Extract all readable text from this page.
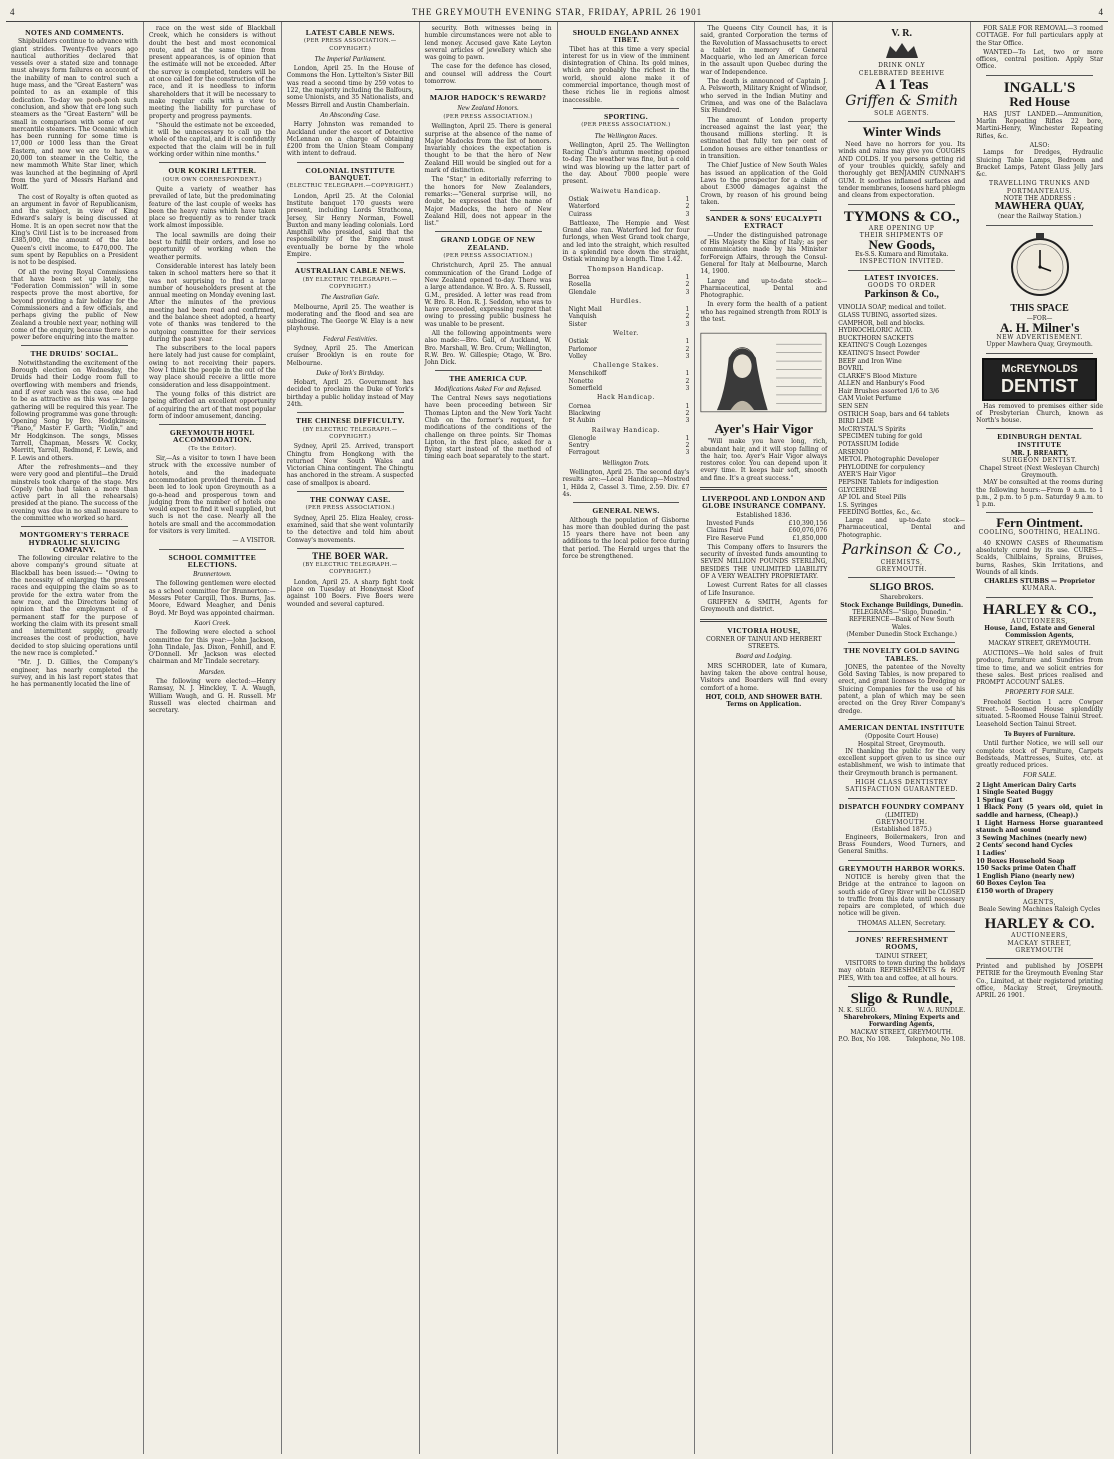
4	THE GREYMOUTH EVENING STAR, FRIDAY, APRIL 26 1901	4
NOTES AND COMMENTS.

Shipbuilders continue to advance with giant strides. Twenty-five years ago nautical authorities declared that vessels over a stated size and tonnage must always form failures on account of the inability of man to control such a huge mass, and the "Great Eastern" was pointed to as an example of this dedication. To-day we pooh-pooh such conclusion, and show that ere long such steamers as the "Great Eastern" will be small in comparison with some of our mercantile steamers. The Oceanic which has been running for some time is 17,000 or 1000 less than the Great Eastern, and now we are to have a 20,000 ton steamer in the Celtic, the new mammoth White Star liner, which was launched at the beginning of April from the yard of Messrs Harland and Wolff.

The cost of Royalty is often quoted as an argument in favor of Republicanism, and the subject, in view of King Edward's salary is being discussed at Home. It is an open secret now that the King's Civil List is to be increased from £385,000, the amount of the late Queen's civil income, to £470,000. The sum spent by Republics on a President is not to be despised.

Of all the roving Royal Commissions that have been set up lately, the "Federation Commission" will in some respects prove the most abortive, for beyond providing a fair holiday for the Commissioners and a few officials, and perhaps giving the public of New Zealand a trouble next year, nothing will come of the enquiry, because there is no power before enquiring into the matter.

THE DRUIDS' SOCIAL.

Notwithstanding the excitement of the Borough election on Wednesday, the Druids had their Lodge room full to overflowing with members and friends, and if ever such was the case, one had to be as attractive as this was — large gathering will be required this year. The following programme was gone through: Opening Song by Bro. Hodgkinson; "Piano," Master F. Garth; "Violin," and Mr Hodgkinson. The songs, Misses Tarrell, Chapman, Messrs W. Cocky, Merritt, Yarrell, Redmond, F. Lewis, and F. Lewis and others.

After the refreshments—and they were very good and plentiful—the Druid minstrels took charge of the stage. Mrs Copely (who had taken a more than active part in all the rehearsals) presided at the piano. The success of the evening was due in no small measure to the committee who worked so hard.

MONTGOMERY'S TERRACE HYDRAULIC SLUICING COMPANY.

The following circular relative to the above company's ground situate at Blackball has been issued:— "Owing to the necessity of enlarging the present races and equipping the claim so as to provide for the extra water from the new race, and the Directors being of opinion that the employment of a permanent staff for the purpose of working the claim with its present small and intermittent supply, greatly increases the cost of production, have decided to stop sluicing operations until the new race is completed."

"Mr. J. D. Gillies, the Company's engineer, has nearly completed the survey, and in his last report states that he has permanently located the line of

race on the west side of Blackball Creek, which he considers is without doubt the best and most economical route, and at the same time from present appearances, is of opinion that the estimate will not be exceeded. After the survey is completed, tenders will be at once called for the construction of the race, and it is needless to inform shareholders that it will be necessary to make regular calls with a view to meeting the liability for purchase of property and progress payments.

"Should the estimate not be exceeded, it will be unnecessary to call up the whole of the capital, and it is confidently expected that the claim will be in full working order within nine months."

OUR KOKIRI LETTER.
(OUR OWN CORRESPONDENT.)

Quite a variety of weather has prevailed of late, but the predominating feature of the last couple of weeks has been the heavy rains which have taken place so frequently as to render track work almost impossible.

The local sawmills are doing their best to fulfill their orders, and lose no opportunity of working when the weather permits.

Considerable interest has lately been taken in school matters here so that it was not surprising to find a large number of householders present at the annual meeting on Monday evening last. After the minutes of the previous meeting had been read and confirmed, and the balance sheet adopted, a hearty vote of thanks was tendered to the outgoing committee for their services during the past year.

The subscribers to the local papers here lately had just cause for complaint, owing to not receiving their papers. Now I think the people in the out of the way place should receive a little more consideration and less disappointment.

The young folks of this district are being afforded an excellent opportunity of acquiring the art of that most popular form of indoor amusement, dancing.

GREYMOUTH HOTEL ACCOMMODATION.
(To the Editor).

Sir,—As a visitor to town I have been struck with the excessive number of hotels, and the inadequate accommodation provided therein. I had been led to look upon Greymouth as a go-a-head and prosperous town and judging from the number of hotels one would expect to find it well supplied, but such is not the case. Nearly all the hotels are small and the accommodation for visitors is very limited.

— A VISITOR.

SCHOOL COMMITTEE ELECTIONS.
Brunnertown.

The following gentlemen were elected as a school committee for Brunnerton:—Messrs Peter Cargill, Thos. Burns, Jas. Moore, Edward Meagher, and Denis Boyd. Mr Boyd was appointed chairman.

Kaori Creek.

The following were elected a school committee for this year:—John Jackson, John Tindale, Jas. Dixon, Fenhill, and F. O'Donnell. Mr Jackson was elected chairman and Mr Tindale secretary.

Marsden.

The following were elected:—Henry Ramsay, N. J. Hinckley, T. A. Waugh, William Waugh, and G. H. Russell. Mr Russell was elected chairman and secretary.

LATEST CABLE NEWS.
(PER PRESS ASSOCIATION.—COPYRIGHT.)
The Imperial Parliament.

London, April 25. In the House of Commons the Hon. Lyttelton's Sister Bill was read a second time by 259 votes to 122, the majority including the Balfours, some Unionists, and 35 Nationalists, and Messrs Birrell and Austin Chamberlain.

An Absconding Case.

Harry Johnston was remanded to Auckland under the escort of Detective McLennan on a charge of obtaining £200 from the Union Steam Company with intent to defraud.

COLONIAL INSTITUTE BANQUET.
(ELECTRIC TELEGRAPH.—COPYRIGHT.)

London, April 25. At the Colonial Institute banquet 170 guests were present, including Lords Strathcona, Jersey, Sir Henry Norman, Fowell Buxton and many leading colonials. Lord Ampthill who presided, said that the responsibility of the Empire must eventually be borne by the whole Empire.

AUSTRALIAN CABLE NEWS.
(BY ELECTRIC TELEGRAPH.—COPYRIGHT.)
The Australian Gale.

Melbourne, April 25. The weather is moderating and the flood and sea are subsiding. The George W. Elay is a new playhouse.

Federal Festivities.

Sydney, April 25. The American cruiser Brooklyn is en route for Melbourne.

Duke of York's Birthday.

Hobart, April 25. Government has decided to proclaim the Duke of York's birthday a public holiday instead of May 24th.

THE CHINESE DIFFICULTY.
(BY ELECTRIC TELEGRAPH.—COPYRIGHT.)

Sydney, April 25. Arrived, transport Chingtu from Hongkong with the returned New South Wales and Victorian China contingent. The Chingtu has anchored in the stream. A suspected case of smallpox is aboard.

THE CONWAY CASE.
(PER PRESS ASSOCIATION.)

Sydney, April 25. Eliza Healey, cross-examined, said that she went voluntarily to the detective and told him about Conway's movements.

THE BOER WAR.
(BY ELECTRIC TELEGRAPH.—COPYRIGHT.)

London, April 25. A sharp fight took place on Tuesday at Honeynest Kloof against 100 Boers. Five Boers were wounded and several captured.

security. Both witnesses being in humble circumstances were not able to lend money. Accused gave Kate Leyton several articles of jewellery which she was going to pawn.

The case for the defence has closed, and counsel will address the Court tomorrow.

MAJOR HADOCK'S REWARD?
New Zealand Honors.
(PER PRESS ASSOCIATION.)

Wellington, April 25. There is general surprise at the absence of the name of Major Madocks from the list of honors. Invariably choices the expectation is thought to be that the hero of New Zealand Hill would be singled out for a mark of distinction.

The "Star," in editorially referring to the honors for New Zealanders, remarks:—"General surprise will, no doubt, be expressed that the name of Major Madocks, the hero of New Zealand Hill, does not appear in the list."

GRAND LODGE OF NEW ZEALAND.
(PER PRESS ASSOCIATION.)

Christchurch, April 25. The annual communication of the Grand Lodge of New Zealand opened to-day. There was a large attendance. W. Bro. A. S. Russell, G.M., presided. A letter was read from W. Bro. R. Hon. R. J. Seddon, who was to have proceeded, expressing regret that owing to pressing public business he was unable to be present.

All the following appointments were also made:—Bro. Gall, of Auckland, W. Bro. Marshall, W. Bro. Crum; Wellington, R.W. Bro. W. Gillespie; Otago, W. Bro. John Dick.

THE AMERICA CUP.
Modifications Asked For and Refused.

The Central News says negotiations have been proceeding between Sir Thomas Lipton and the New York Yacht Club on the former's request, for modifications of the conditions of the challenge on three points. Sir Thomas Lipton, in the first place, asked for a flying start instead of the method of timing each boat separately to the start.

SHOULD ENGLAND ANNEX TIBET.

Tibet has at this time a very special interest for us in view of the imminent disintegration of China. Its gold mines, which are probably the richest in the world, should alone make it of commercial importance, though most of these riches lie in regions almost inaccessible.

SPORTING.
(PER PRESS ASSOCIATION.)
The Wellington Races.

Wellington, April 25. The Wellington Racing Club's autumn meeting opened to-day. The weather was fine, but a cold wind was blowing up the latter part of the day. About 7000 people were present.

Waiwetu Handicap.
Ostiak	1
Waterford	2
Cuirass	3

Battleaxe, The Hempie and West Grand also ran. Waterford led for four furlongs, when West Grand took charge, and led into the straight, which resulted in a splendid race down the straight, Ostiak winning by a length. Time 1.42.

Thompson Handicap.
Borrea	1
Rosella	2
Glendale	3
Hurdles.
Night Mail	1
Vanquish	2
Sister	3
Welter.
Ostiak	1
Parlomor	2
Volley	3
Challenge Stakes.
Menschikoff	1
Nonette	2
Somerfield	3
Hack Handicap.
Cornea	1
Blackwing	2
St Aubin	3
Railway Handicap.
Glenogle	1
Sentry	2
Ferragout	3
Wellington Trots.

Wellington, April 25. The second day's results are:—Local Handicap—Mostred 1, Hilda 2, Cassel 3. Time, 2.59. Div. £7 4s.

GENERAL NEWS.

Although the population of Gisborne has more than doubled during the past 15 years there have not been any additions to the local police force during that period. The Herald urges that the force be strengthened.

The Queens City Council has, it is said, granted Corporation the terms of the Revolution of Massachusetts to erect a tablet in memory of General Macquarie, who led an American force in the assault upon Quebec during the war of Independence.

The death is announced of Captain J. A. Pelsworth, Military Knight of Windsor, who served in the Indian Mutiny and Crimea, and was one of the Balaclava Six Hundred.

The amount of London property increased against the last year, the thousand millions sterling. It is estimated that fully ten per cent of London houses are either tenantless or in transition.

The Chief Justice of New South Wales has issued an application of the Gold Laws to the prospector for a claim of about £3000 damages against the Crown, by reason of his ground being taken.

SANDER & SONS' EUCALYPTI EXTRACT

—Under the distinguished patronage of His Majesty the King of Italy; as per communication made by his Minister forForeign Affairs, through the Consul-General for Italy at Melbourne, March 14, 1900.

Large and up-to-date stock—Pharmaceutical, Dental and Photographic.

In every form the health of a patient who has regained strength from ROLY is the test.

Ayer's Hair Vigor

"Will make you have long, rich, abundant hair, and it will stop falling of the hair, too. Ayer's Hair Vigor always restores color. You can depend upon it every time. It keeps hair soft, smooth and fine. It's a great success."

LIVERPOOL AND LONDON AND GLOBE INSURANCE COMPANY.
Established 1836.
Invested Funds	£10,390,156
Claims Paid	£60,076,076
Fire Reserve Fund	£1,850,000

This Company offers to Insurers the security of invested funds amounting to SEVEN MILLION POUNDS STERLING, BESIDES THE UNLIMITED LIABILITY OF A VERY WEALTHY PROPRIETARY.

Lowest Current Rates for all classes of Life Insurance.

GRIFFEN & SMITH, Agents for Greymouth and district.

VICTORIA HOUSE,
CORNER OF TAINUI AND HERBERT STREETS.
Board and Lodging.

MRS SCHRODER, late of Kumara, having taken the above central house, Visitors and Boarders will find every comfort of a home.

HOT, COLD, AND SHOWER BATH. Terms on Application.
V. R.
DRINK ONLY
CELEBRATED BEEHIVE
A 1 Teas
Griffen & Smith
SOLE AGENTS.
Winter Winds

Need have no horrors for you. Its winds and rains may give you COUGHS AND COLDS. If you persons getting rid of your troubles quickly, safely and thoroughly get BENJAMIN CUNNAH'S GUM. It soothes inflamed surfaces and tender membranes, loosens hard phlegm and cleans from expectoration.

TYMONS & CO.,
ARE OPENING UP
THEIR SHIPMENTS OF
New Goods,
Ex-S.S. Kumara and Rimutaka.
INSPECTION INVITED.
LATEST INVOICES.
GOODS TO ORDER
Parkinson & Co.,
VINOLIA SOAP, medical and toilet.
GLASS TUBING, assorted sizes.
CAMPHOR, bell and blocks.
HYDROCHLORIC ACID.
BUCKTHORN SACKETS
KEATING'S Cough Lozenges
KEATING'S Insect Powder
BEEF and Iron Wine
BOVRIL
CLARKE'S Blood Mixture
ALLEN and Hanbury's Food
Hair Brushes assorted 1/6 to 3/6
CAM Violet Perfume
SEN SEN
OSTRICH Soap, bars and 64 tablets
BIRD LIME
McCRYSTAL'S Spirits
SPECIMEN tubing for gold
POTASSIUM Iodide
ARSENIO
METOL Photographic Developer
PHYLODINE for corpulency
AYER'S Hair Vigor
PEPSINE Tablets for indigestion
GLYCERINE
AP IOL and Steel Pills
I.S. Syringes
FEEDING Bottles, &c., &c.

Large and up-to-date stock—Pharmaceutical, Dental and Photographic.

Parkinson & Co.,
CHEMISTS,
GREYMOUTH.
SLIGO BROS.
Sharebrokers.
Stock Exchange Buildings, Dunedin.
TELEGRAMS—"Sligo, Dunedin."
REFERENCE—Bank of New South Wales.
(Member Dunedin Stock Exchange.)
THE NOVELTY GOLD SAVING TABLES.

JONES, the patentee of the Novelty Gold Saving Tables, is now prepared to erect, and grant licenses to Dredging or Sluicing Companies for the use of his patent, a plan of which may be seen erected on the Grey River Company's dredge.

AMERICAN DENTAL INSTITUTE
(Opposite Court House)
Hospital Street, Greymouth.

IN thanking the public for the very excellent support given to us since our establishment, we wish to intimate that their Greymouth branch is permanent.

HIGH CLASS DENTISTRY
SATISFACTION GUARANTEED.
DISPATCH FOUNDRY COMPANY
(LIMITED)
GREYMOUTH.
(Established 1875.)

Engineers, Boilermakers, Iron and Brass Founders, Wood Turners, and General Smiths.

GREYMOUTH HARBOR WORKS.

NOTICE is hereby given that the Bridge at the entrance to lagoon on south side of Grey River will be CLOSED to traffic from this date until necessary repairs are completed, of which due notice will be given.

THOMAS ALLEN, Secretary.
JONES' REFRESHMENT ROOMS,
TAINUI STREET,

VISITORS to town during the holidays may obtain REFRESHMENTS & HOT PIES, With tea and coffee, at all hours.

Sligo & Rundle,
N. K. SLIGO.	W. A. RUNDLE.
Sharebrokers, Mining Experts and Forwarding Agents,
MACKAY STREET, GREYMOUTH.
P.O. Box, No 108.	Telephone, No 108.

FOR SALE FOR REMOVAL—3 roomed COTTAGE. For full particulars apply at the Star Office.

WANTED—To Let, two or more offices, central position. Apply Star Office.

INGALL'S
Red House

HAS JUST LANDED.—Ammunition, Marlin Repeating Rifles 22 bore, Martini-Henry, Winchester Repeating Rifles, &c.

ALSO:

Lamps for Dredges, Hydraulic Sluicing Table Lamps, Bedroom and Bracket Lamps, Patent Glass Jelly Jars &c.

TRAVELLING TRUNKS AND PORTMANTEAUS.
NOTE THE ADDRESS :
MAWHERA QUAY,
(near the Railway Station.)
THIS SPACE
—FOR—
A. H. Milner's
NEW ADVERTISEMENT.
Upper Mawhera Quay, Greymouth.
McREYNOLDS
DENTIST

Has removed to premises either side of Presbyterian Church, known as North's house.

EDINBURGH DENTAL INSTITUTE
MR. J. BREARTY,
SURGEON DENTIST.
Chapel Street (Next Wesleyan Church) Greymouth.

MAY be consulted at the rooms during the following hours:—From 9 a.m. to 1 p.m., 2 p.m. to 5 p.m. Saturday 9 a.m. to 1 p.m.

Fern Ointment.
COOLING, SOOTHING, HEALING.

40 KNOWN CASES of Rheumatism absolutely cured by its use. CURES—Scalds, Chilblains, Sprains, Bruises, burns, Rashes, Skin Irritations, and Wounds of all kinds.

CHARLES STUBBS — Proprietor
KUMARA.
HARLEY & CO.,
AUCTIONEERS,
House, Land, Estate and General Commission Agents,
MACKAY STREET, GREYMOUTH.

AUCTIONS—We hold sales of fruit produce, furniture and Sundries from time to time, and we solicit entries for these sales. Best prices realised and PROMPT ACCOUNT SALES.

PROPERTY FOR SALE.

Freehold Section 1 acre Cowper Street. 5-Roomed House splendidly situated. 5-Roomed House Tainui Street. Leasehold Section Tainui Street.

To Buyers of Furniture.

Until further Notice, we will sell our complete stock of Furniture, Carpets Bedsteads, Mattresses, Suites, etc. at greatly reduced prices.

FOR SALE.
2 Light American Dairy Carts
1 Single Seated Buggy
1 Spring Cart
1 Black Pony (5 years old, quiet in saddle and harness, (Cheap).)
1 Light Harness Horse guaranteed staunch and sound
3 Sewing Machines (nearly new)
2 Cents' second hand Cycles
1 Ladies'
10 Boxes Household Soap
150 Sacks prime Oaten Chaff
1 English Piano (nearly new)
60 Boxes Ceylon Tea
£150 worth of Drapery
AGENTS,
Beale Sewing Machines Raleigh Cycles
HARLEY & CO.
AUCTIONEERS,
MACKAY STREET,
GREYMOUTH

Printed and published by JOSEPH PETRIE for the Greymouth Evening Star Co., Limited, at their registered printing office, Mackay Street, Greymouth. APRIL 26 1901.
